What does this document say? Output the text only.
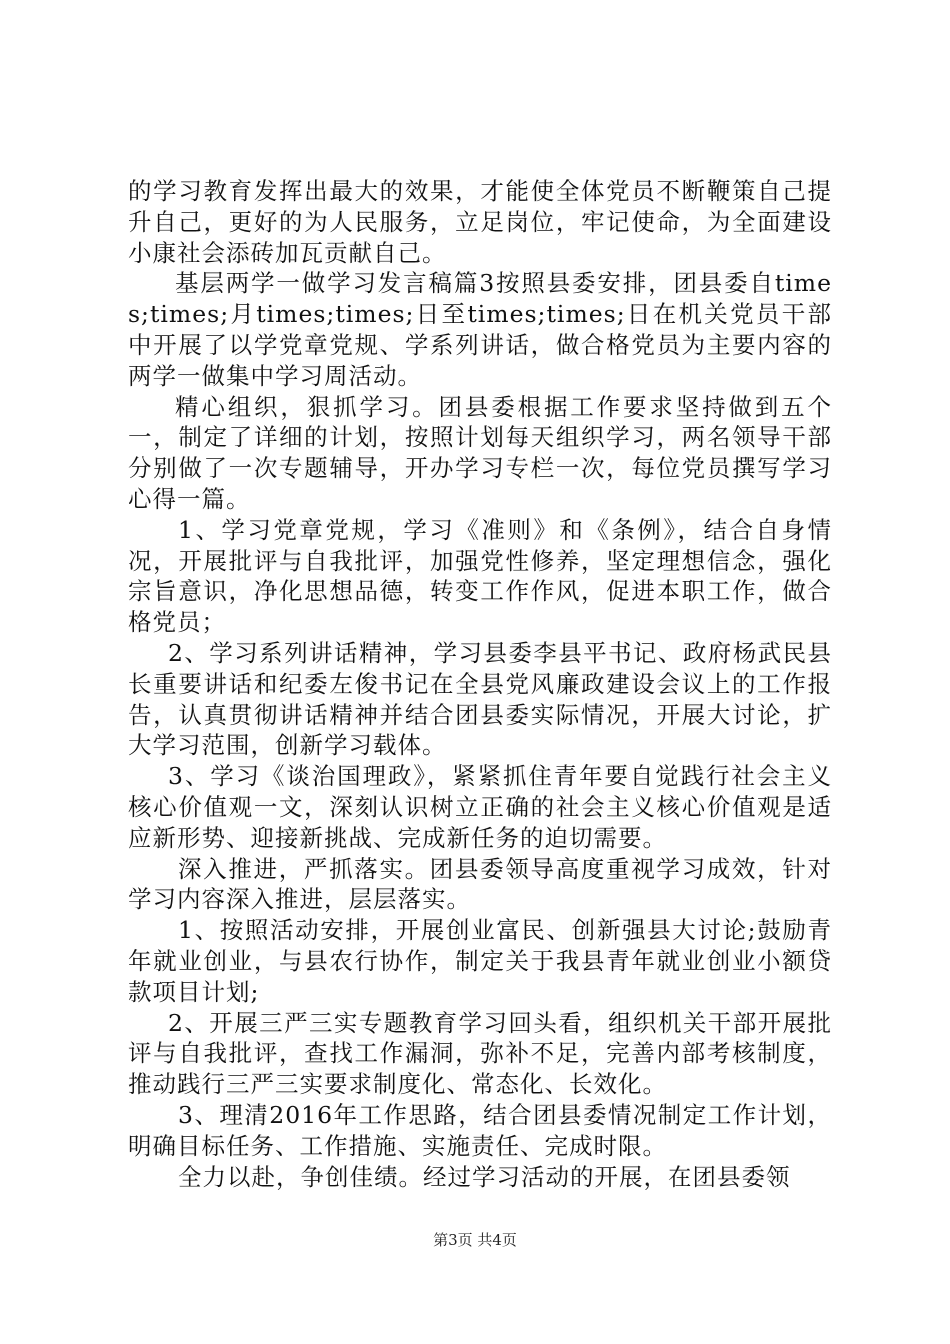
的学习教育发挥出最大的效果，才能使全体党员不断鞭策自己提升自己，更好的为人民服务，立足岗位，牢记使命，为全面建设小康社会添砖加瓦贡献自己。

基层两学一做学习发言稿篇3按照县委安排，团县委自times;times;月times;times;日至times;times;日在机关党员干部中开展了以学党章党规、学系列讲话，做合格党员为主要内容的两学一做集中学习周活动。

精心组织，狠抓学习。团县委根据工作要求坚持做到五个一，制定了详细的计划，按照计划每天组织学习，两名领导干部分别做了一次专题辅导，开办学习专栏一次，每位党员撰写学习心得一篇。

1、学习党章党规，学习《准则》和《条例》，结合自身情况，开展批评与自我批评，加强党性修养，坚定理想信念，强化宗旨意识，净化思想品德，转变工作作风，促进本职工作，做合格党员；

2、学习系列讲话精神，学习县委李县平书记、政府杨武民县长重要讲话和纪委左俊书记在全县党风廉政建设会议上的工作报告，认真贯彻讲话精神并结合团县委实际情况，开展大讨论，扩大学习范围，创新学习载体。

3、学习《谈治国理政》，紧紧抓住青年要自觉践行社会主义核心价值观一文，深刻认识树立正确的社会主义核心价值观是适应新形势、迎接新挑战、完成新任务的迫切需要。

深入推进，严抓落实。团县委领导高度重视学习成效，针对学习内容深入推进，层层落实。

1、按照活动安排，开展创业富民、创新强县大讨论;鼓励青年就业创业，与县农行协作，制定关于我县青年就业创业小额贷款项目计划;

2、开展三严三实专题教育学习回头看，组织机关干部开展批评与自我批评，查找工作漏洞，弥补不足，完善内部考核制度，推动践行三严三实要求制度化、常态化、长效化。

3、理清2016年工作思路，结合团县委情况制定工作计划，明确目标任务、工作措施、实施责任、完成时限。

全力以赴，争创佳绩。经过学习活动的开展，在团县委领

第3页 共4页
